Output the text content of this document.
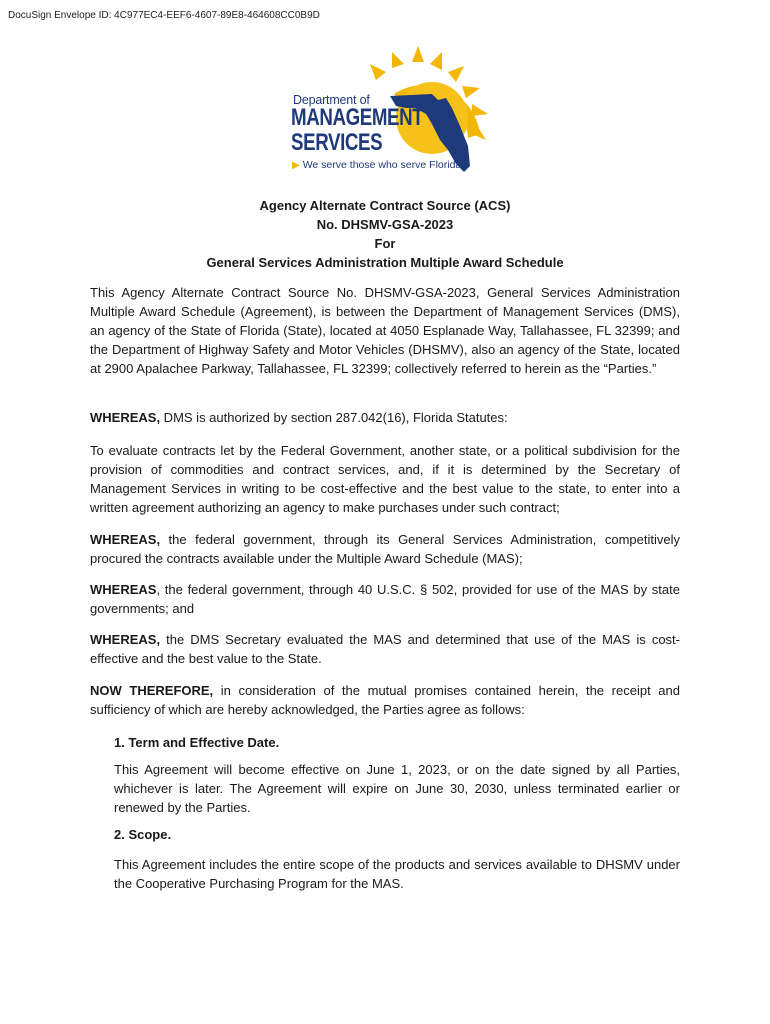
DocuSign Envelope ID: 4C977EC4-EEF6-4607-89E8-464608CC0B9D
Department of
MANAGEMENT
SERVICES
▶ We serve those who serve Florida
Agency Alternate Contract Source (ACS)
No. DHSMV-GSA-2023
For
General Services Administration Multiple Award Schedule
This Agency Alternate Contract Source No. DHSMV-GSA-2023, General Services Administration Multiple Award Schedule (Agreement), is between the Department of Management Services (DMS), an agency of the State of Florida (State), located at 4050 Esplanade Way, Tallahassee, FL 32399; and the Department of Highway Safety and Motor Vehicles (DHSMV), also an agency of the State, located at 2900 Apalachee Parkway, Tallahassee, FL 32399; collectively referred to herein as the “Parties.”
WHEREAS, DMS is authorized by section 287.042(16), Florida Statutes:
To evaluate contracts let by the Federal Government, another state, or a political subdivision for the provision of commodities and contract services, and, if it is determined by the Secretary of Management Services in writing to be cost-effective and the best value to the state, to enter into a written agreement authorizing an agency to make purchases under such contract;
WHEREAS, the federal government, through its General Services Administration, competitively procured the contracts available under the Multiple Award Schedule (MAS);
WHEREAS, the federal government, through 40 U.S.C. § 502, provided for use of the MAS by state governments; and
WHEREAS, the DMS Secretary evaluated the MAS and determined that use of the MAS is cost-effective and the best value to the State.
NOW THEREFORE, in consideration of the mutual promises contained herein, the receipt and sufficiency of which are hereby acknowledged, the Parties agree as follows:
1. Term and Effective Date.
This Agreement will become effective on June 1, 2023, or on the date signed by all Parties, whichever is later. The Agreement will expire on June 30, 2030, unless terminated earlier or renewed by the Parties.
2. Scope.
This Agreement includes the entire scope of the products and services available to DHSMV under the Cooperative Purchasing Program for the MAS.
